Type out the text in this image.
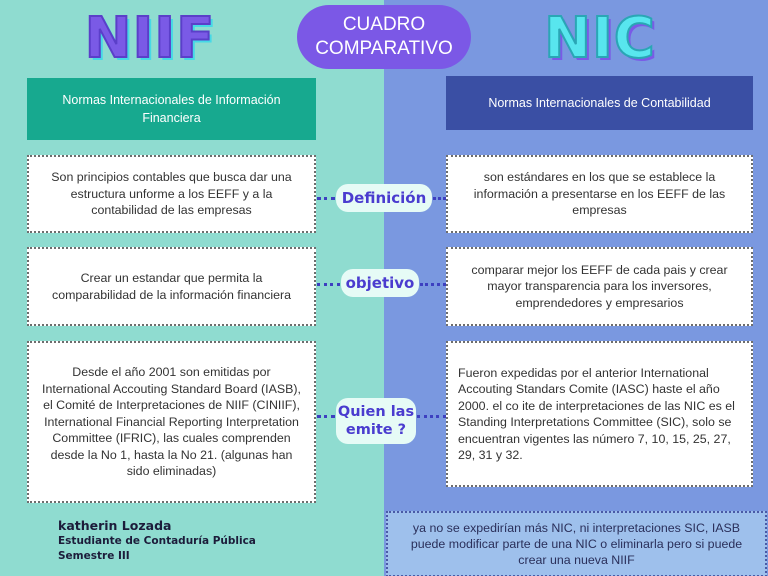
NIIF	CUADRO
COMPARATIVO	NIC
Normas Internacionales de Información Financiera
Normas Internacionales de Contabilidad

Son principios contables que busca dar una estructura unforme a los EEFF y a la contabilidad de las empresas

Definición

son estándares en los que se establece la información a presentarse en los EEFF de las empresas

Crear un estandar que permita la comparabilidad de la información financiera

objetivo

comparar mejor los EEFF de cada pais y crear mayor transparencia para los inversores, emprendedores y empresarios

Desde el año 2001 son emitidas por International Accouting Standard Board (IASB), el Comité de Interpretaciones de NIIF (CINIIF), International Financial Reporting Interpretation Committee (IFRIC), las cuales comprenden desde la No 1, hasta la No 21. (algunas han sido eliminadas)

Quien las emite ?

Fueron expedidas por el anterior International Accouting Standars Comite (IASC) haste el año 2000. el co ite de interpretaciones de las NIC es el Standing Interpretations Committee (SIC), solo se encuentran vigentes las número 7, 10, 15, 25, 27, 29, 31 y 32.

katherin Lozada
Estudiante de Contaduría Pública
Semestre III

ya no se expedirían más NIC, ni interpretaciones SIC, IASB puede modificar parte de una NIC o eliminarla pero si puede crear una nueva NIIF
